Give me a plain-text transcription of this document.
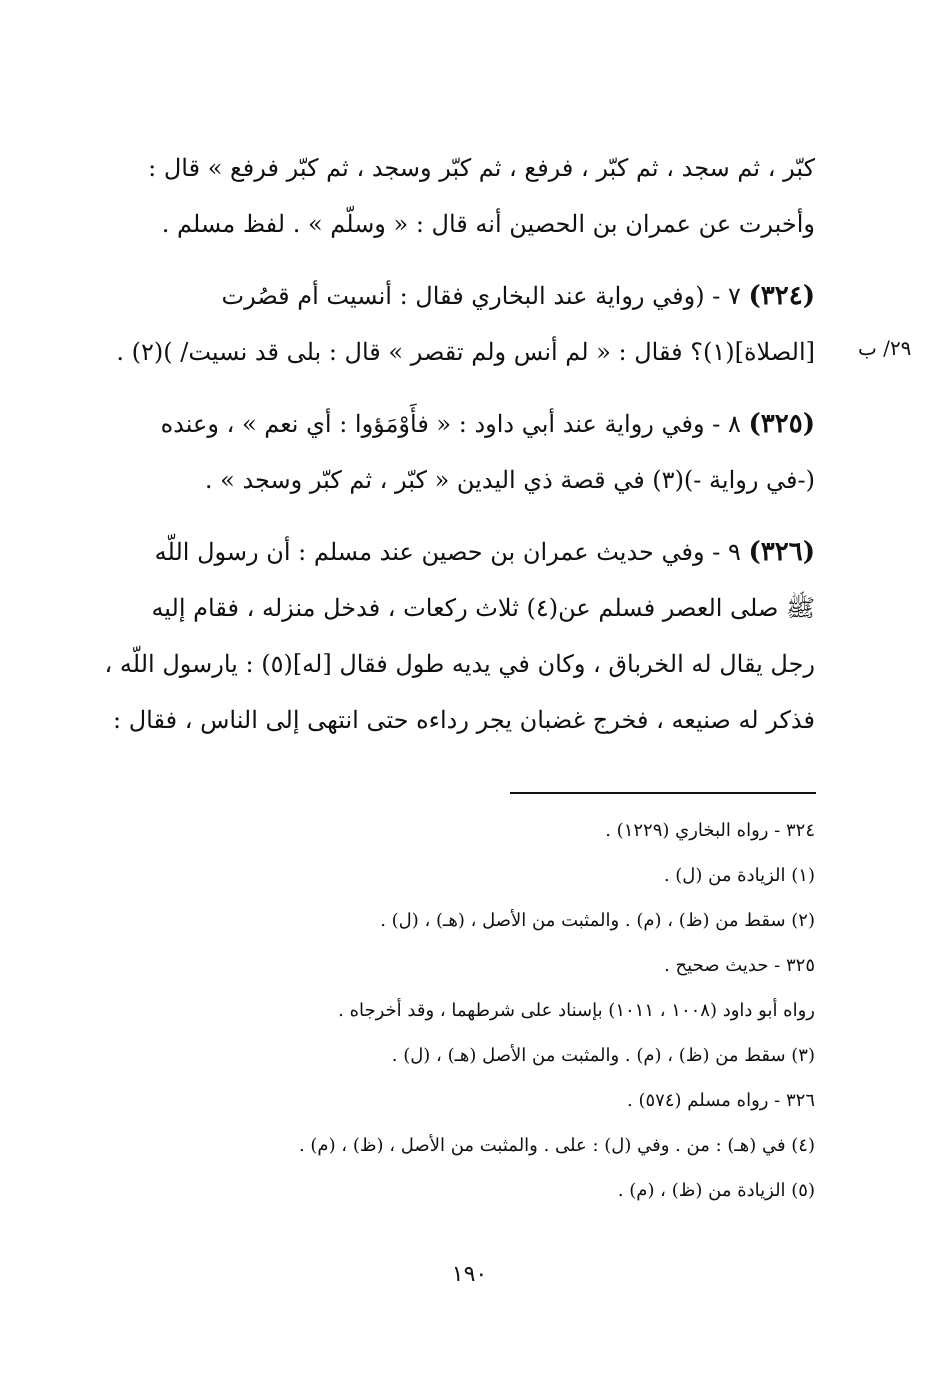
كبّر ، ثم سجد ، ثم كبّر ، فرفع ، ثم كبّر وسجد ، ثم كبّر فرفع » قال :
وأخبرت عن عمران بن الحصين أنه قال : « وسلّم » . لفظ مسلم .
(٣٢٤) ٧ - (وفي رواية عند البخاري فقال : أنسيت أم قصُرت
[الصلاة](١)؟ فقال : « لم أنس ولم تقصر » قال : بلى قد نسيت/ )(٢) .
(٣٢٥) ٨ - وفي رواية عند أبي داود : « فأَوْمَؤوا : أي نعم » ، وعنده
(-في رواية -)(٣) في قصة ذي اليدين « كبّر ، ثم كبّر وسجد » .
(٣٢٦) ٩ - وفي حديث عمران بن حصين عند مسلم : أن رسول اللّه
ﷺ صلى العصر فسلم عن(٤) ثلاث ركعات ، فدخل منزله ، فقام إليه
رجل يقال له الخرباق ، وكان في يديه طول فقال [له](٥) : يارسول اللّه ،
فذكر له صنيعه ، فخرج غضبان يجر رداءه حتى انتهى إلى الناس ، فقال :
٢٩/ ب
٣٢٤ - رواه البخاري (١٢٢٩) .
(١) الزيادة من (ل) .
(٢) سقط من (ظ) ، (م) . والمثبت من الأصل ، (هـ) ، (ل) .
٣٢٥ - حديث صحيح .
رواه أبو داود (١٠٠٨ ، ١٠١١) بإسناد على شرطهما ، وقد أخرجاه .
(٣) سقط من (ظ) ، (م) . والمثبت من الأصل (هـ) ، (ل) .
٣٢٦ - رواه مسلم (٥٧٤) .
(٤) في (هـ) : من . وفي (ل) : على . والمثبت من الأصل ، (ظ) ، (م) .
(٥) الزيادة من (ظ) ، (م) .
١٩٠
